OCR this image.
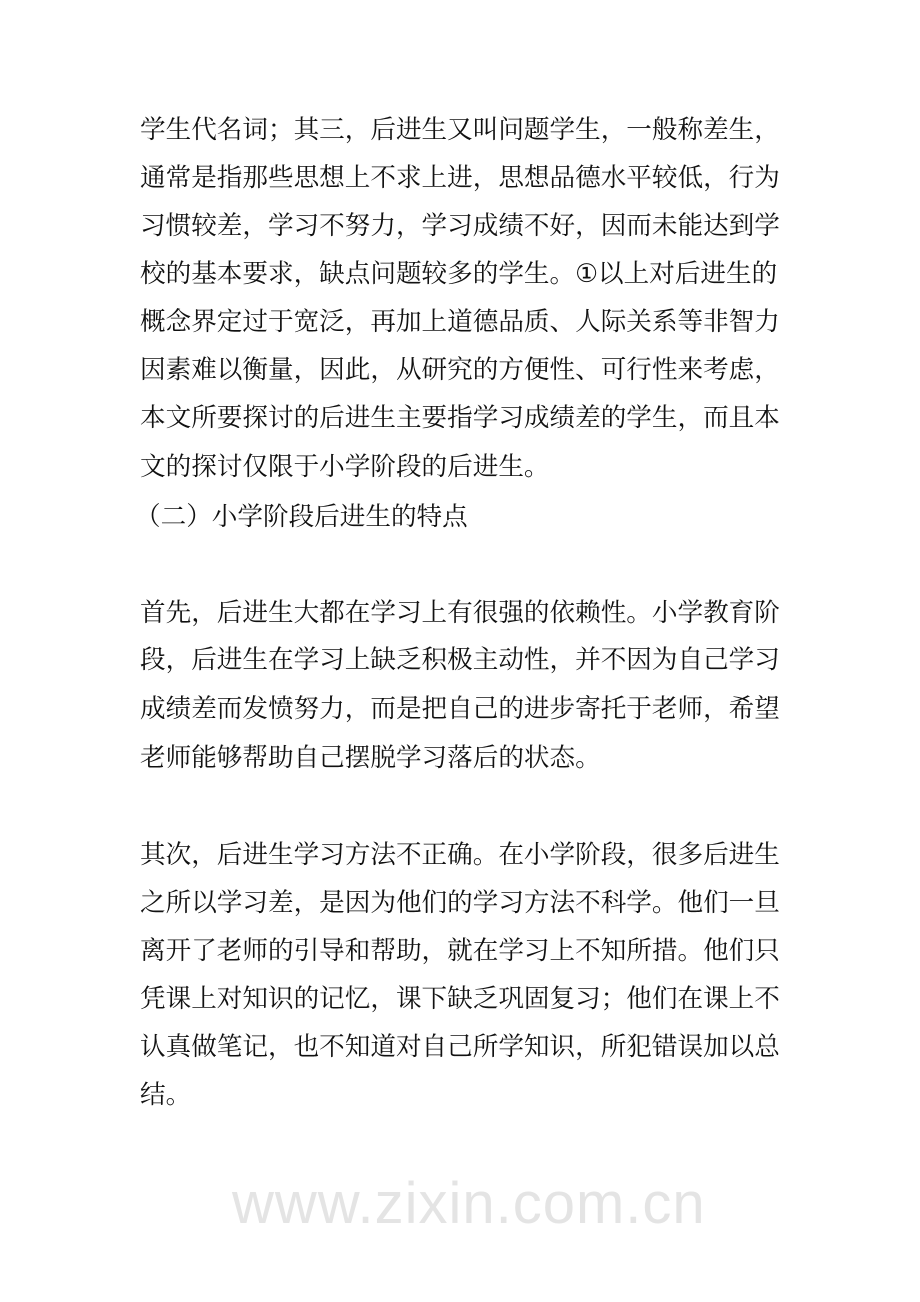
学生代名词；其三，后进生又叫问题学生，一般称差生，
通常是指那些思想上不求上进，思想品德水平较低，行为
习惯较差，学习不努力，学习成绩不好，因而未能达到学
校的基本要求，缺点问题较多的学生。①以上对后进生的
概念界定过于宽泛，再加上道德品质、人际关系等非智力
因素难以衡量，因此，从研究的方便性、可行性来考虑，
本文所要探讨的后进生主要指学习成绩差的学生，而且本
文的探讨仅限于小学阶段的后进生。
（二）小学阶段后进生的特点
首先，后进生大都在学习上有很强的依赖性。小学教育阶
段，后进生在学习上缺乏积极主动性，并不因为自己学习
成绩差而发愤努力，而是把自己的进步寄托于老师，希望
老师能够帮助自己摆脱学习落后的状态。
其次，后进生学习方法不正确。在小学阶段，很多后进生
之所以学习差，是因为他们的学习方法不科学。他们一旦
离开了老师的引导和帮助，就在学习上不知所措。他们只
凭课上对知识的记忆，课下缺乏巩固复习；他们在课上不
认真做笔记，也不知道对自己所学知识，所犯错误加以总
结。
www.zixin.com.cn
